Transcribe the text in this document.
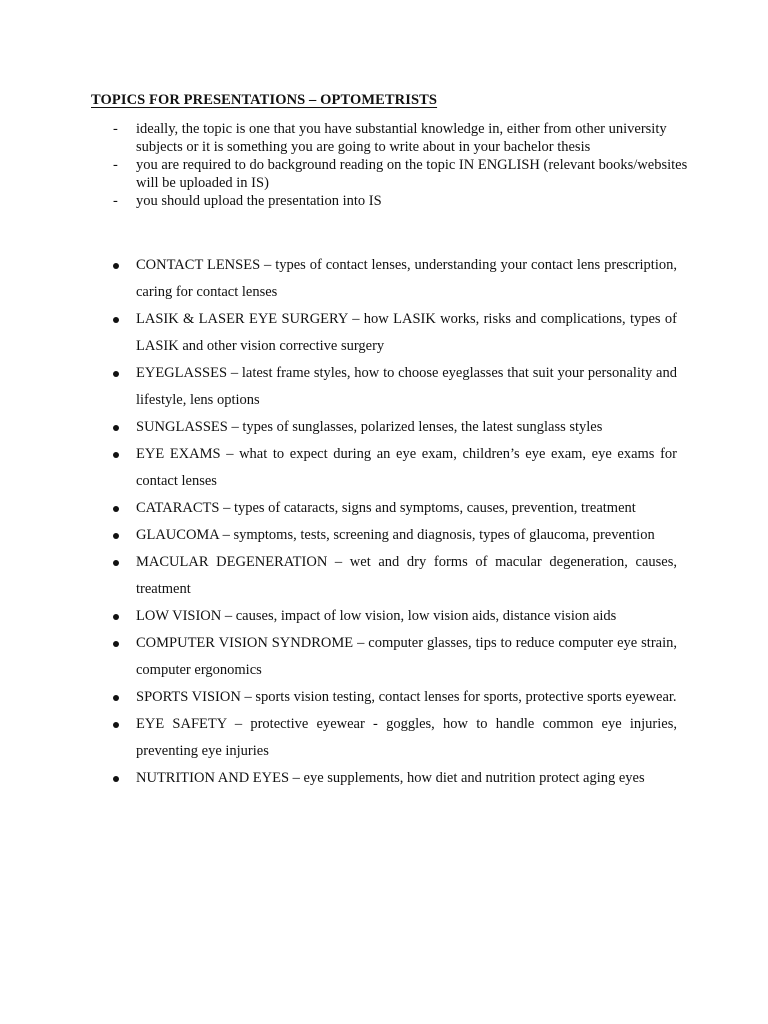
TOPICS FOR PRESENTATIONS – OPTOMETRISTS
- ideally, the topic is one that you have substantial knowledge in, either from other university subjects or it is something you are going to write about in your bachelor thesis
- you are required to do background reading on the topic IN ENGLISH (relevant books/websites will be uploaded in IS)
- you should upload the presentation into IS
CONTACT LENSES – types of contact lenses, understanding your contact lens prescription, caring for contact lenses
LASIK & LASER EYE SURGERY – how LASIK works, risks and complications, types of LASIK and other vision corrective surgery
EYEGLASSES – latest frame styles, how to choose eyeglasses that suit your personality and lifestyle, lens options
SUNGLASSES – types of sunglasses, polarized lenses, the latest sunglass styles
EYE EXAMS – what to expect during an eye exam, children’s eye exam, eye exams for contact lenses
CATARACTS – types of cataracts, signs and symptoms, causes, prevention, treatment
GLAUCOMA – symptoms, tests, screening and diagnosis, types of glaucoma, prevention
MACULAR DEGENERATION – wet and dry forms of macular degeneration, causes, treatment
LOW VISION – causes, impact of low vision, low vision aids, distance vision aids
COMPUTER VISION SYNDROME – computer glasses, tips to reduce computer eye strain, computer ergonomics
SPORTS VISION – sports vision testing, contact lenses for sports, protective sports eyewear.
EYE SAFETY – protective eyewear - goggles, how to handle common eye injuries, preventing eye injuries
NUTRITION AND EYES – eye supplements, how diet and nutrition protect aging eyes
